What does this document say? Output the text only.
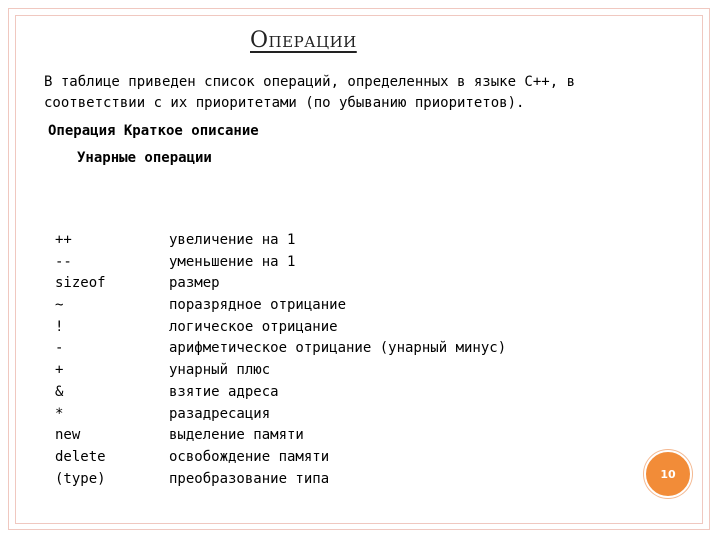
Операции
В таблице приведен список операций, определенных в языке С++, в соответствии с их приоритетами (по убыванию приоритетов).
Операция Краткое описание
Унарные операции
++	увеличение на 1
--	уменьшение на 1
sizeof	размер
~	поразрядное отрицание
!	логическое отрицание
-	арифметическое отрицание (унарный минус)
+	унарный плюс
&	взятие адреса
*	разадресация
new	выделение памяти
delete	освобождение памяти
(type)	преобразование типа	10
